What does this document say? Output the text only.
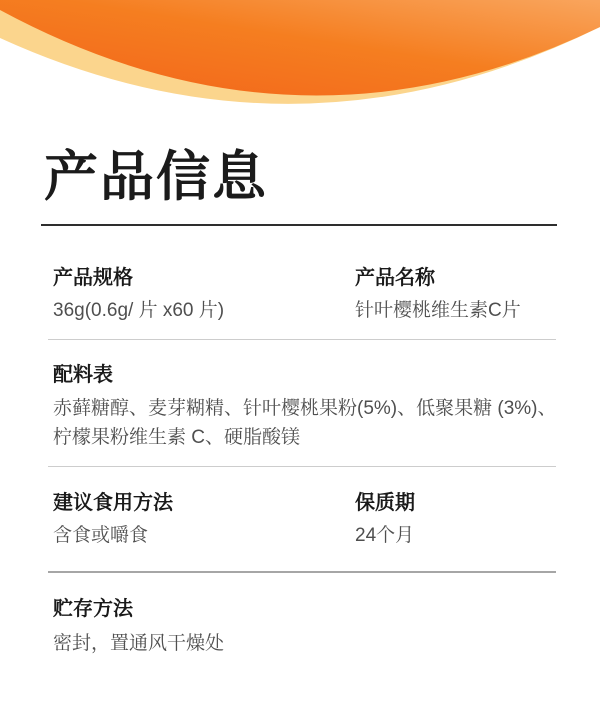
产品信息
产品规格
36g(0.6g/ 片 x60 片)
产品名称
针叶樱桃维生素C片
配料表
赤藓糖醇、麦芽糊精、针叶樱桃果粉(5%)、低聚果糖 (3%)、
柠檬果粉维生素 C、硬脂酸镁
建议食用方法
含食或嚼食
保质期
24个月
贮存方法
密封，置通风干燥处
